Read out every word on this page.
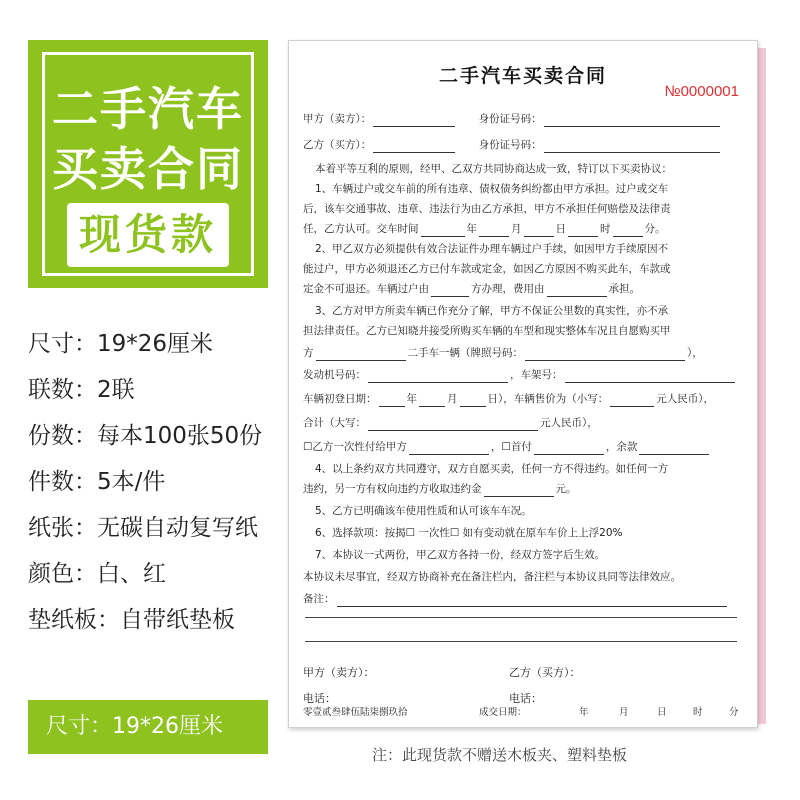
二手汽车
买卖合同
现货款
尺寸：19*26厘米
联数：2联
份数：每本100张50份
件数：5本/件
纸张：无碳自动复写纸
颜色：白、红
垫纸板：自带纸垫板
尺寸：19*26厘米
二手汽车买卖合同
№0000001
甲方（卖方）：	身份证号码：
乙方（买方）：	身份证号码：
本着平等互利的原则，经甲、乙双方共同协商达成一致，特订以下买卖协议：
1、车辆过户或交车前的所有违章、债权债务纠纷都由甲方承担。过户或交车
后，该车交通事故、违章、违法行为由乙方承担，甲方不承担任何赔偿及法律责
任，乙方认可。交车时间	年	月	日	时	分。
2、甲乙双方必须提供有效合法证件办理车辆过户手续，如因甲方手续原因不
能过户，甲方必须退还乙方已付车款或定金，如因乙方原因不购买此车，车款或
定金不可退还。车辆过户由	方办理，费用由	承担。
3、乙方对甲方所卖车辆已作充分了解，甲方不保证公里数的真实性，亦不承
担法律责任。乙方已知晓并接受所购买车辆的车型和现实整体车况且自愿购买甲
方	二手车一辆（牌照号码：	），
发动机号码：	，车架号：
车辆初登日期：	年	月	日），车辆售价为（小写：	元人民币），
合计（大写：	元人民币），
☐乙方一次性付给甲方	，☐首付	，余款
4、以上条约双方共同遵守，双方自愿买卖，任何一方不得违约。如任何一方
违约，另一方有权向违约方收取违约金	元。
5、乙方已明确该车使用性质和认可该车车况。
6、选择款项：按揭☐ 一次性☐ 如有变动就在原车车价上上浮20%
7、本协议一式两份，甲乙双方各持一份，经双方签字后生效。
本协议未尽事宜，经双方协商补充在备注栏内，备注栏与本协议具同等法律效应。
备注：
甲方（卖方）：	乙方（买方）：
电话：	电话：
零壹贰叁肆伍陆柒捌玖拾	成交日期：	年	月	日	时	分
注：此现货款不赠送木板夹、塑料垫板
